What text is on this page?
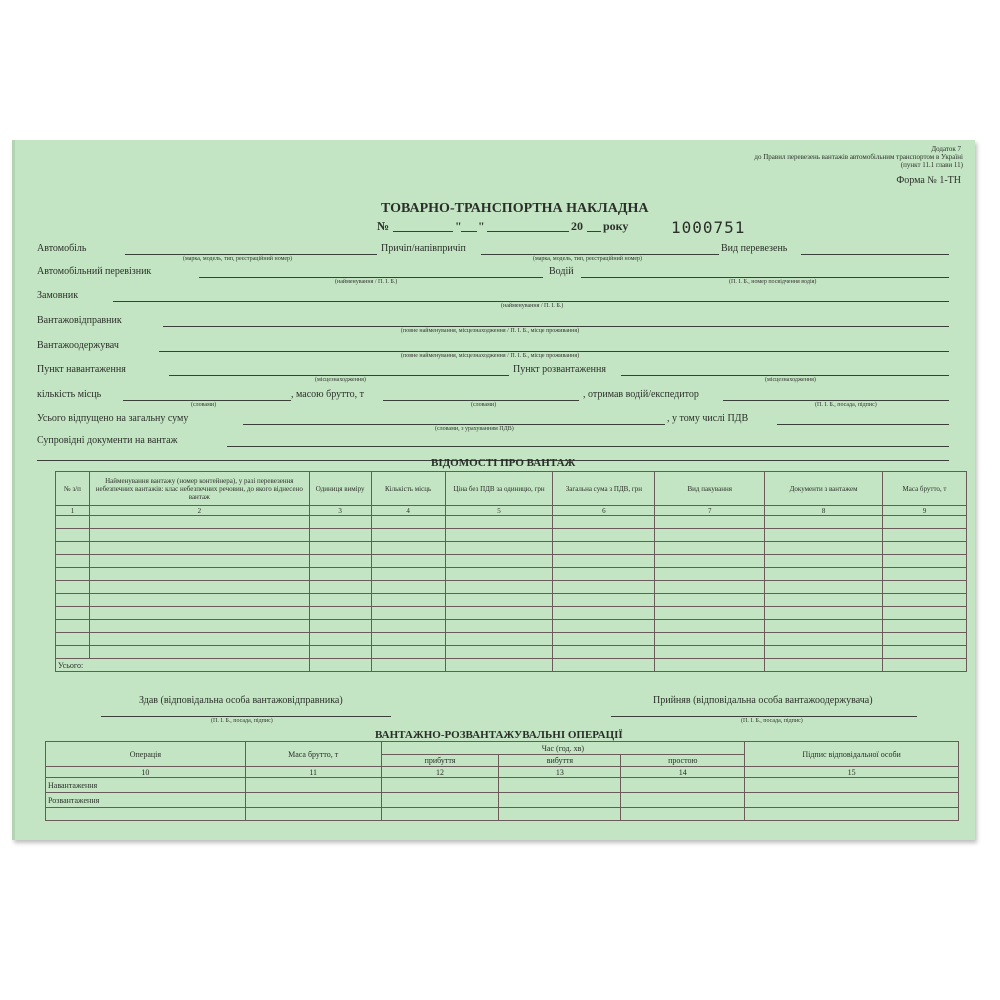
Додаток 7
до Правил перевезень вантажів автомобільним транспортом в Україні
(пункт 11.1 глави 11)
Форма № 1-ТН
ТОВАРНО-ТРАНСПОРТНА НАКЛАДНА
№	" "	20 року	1000751
Автомобіль
(марка, модель, тип, реєстраційний номер)
Причіп/напівпричіп
(марка, модель, тип, реєстраційний номер)
Вид перевезень
Автомобільний перевізник
(найменування / П. І. Б.)
Водій
(П. І. Б., номер посвідчення водія)
Замовник
(найменування / П. І. Б.)
Вантажовідправник
(повне найменування, місцезнаходження / П. І. Б., місце проживання)
Вантажоодержувач
(повне найменування, місцезнаходження / П. І. Б., місце проживання)
Пункт навантаження
(місцезнаходження)
Пункт розвантаження
(місцезнаходження)
кількість місць
(словами)
, масою брутто, т
(словами)
, отримав водій/експедитор
(П. І. Б., посада, підпис)
Усього відпущено на загальну суму
(словами, з урахуванням ПДВ)
, у тому числі ПДВ
Супровідні документи на вантаж
ВІДОМОСТІ ПРО ВАНТАЖ
№ з/п	Найменування вантажу (номер контейнера), у разі перевезення небезпечних вантажів: клас небезпечних речовин, до якого віднесено вантаж	Одиниця виміру	Кількість місць	Ціна без ПДВ за одиницю, грн	Загальна сума з ПДВ, грн	Вид пакування	Документи з вантажем	Маса брутто, т
1	2	3	4	5	6	7	8	9

Усього:								
Здав (відповідальна особа вантажовідправника)
(П. І. Б., посада, підпис)
Прийняв (відповідальна особа вантажоодержувача)
(П. І. Б., посада, підпис)
ВАНТАЖНО-РОЗВАНТАЖУВАЛЬНІ ОПЕРАЦІЇ
Операція	Маса брутто, т	Час (год. хв)			Підпис відповідальної особи
		прибуття	вибуття	простою	
10	11	12	13	14	15
Навантаження					
Розвантаження					
